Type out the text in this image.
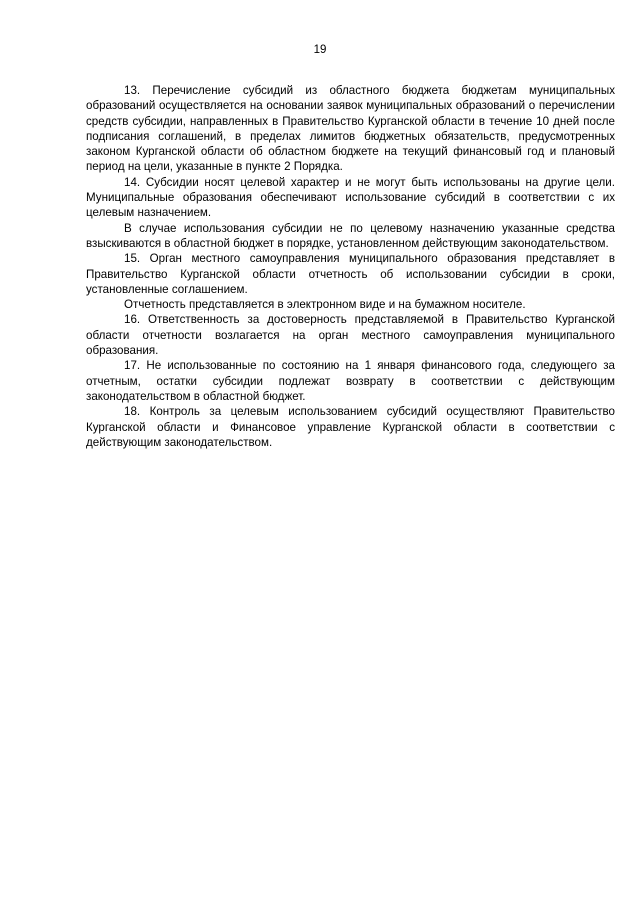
19

13. Перечисление субсидий из областного бюджета бюджетам муниципальных образований осуществляется на основании заявок муниципальных образований о перечислении средств субсидии, направленных в Правительство Курганской области в течение 10 дней после подписания соглашений, в пределах лимитов бюджетных обязательств, предусмотренных законом Курганской области об областном бюджете на текущий финансовый год и плановый период на цели, указанные в пункте 2 Порядка.

14. Субсидии носят целевой характер и не могут быть использованы на другие цели. Муниципальные образования обеспечивают использование субсидий в соответствии с их целевым назначением.

В случае использования субсидии не по целевому назначению указанные средства взыскиваются в областной бюджет в порядке, установленном действующим законодательством.

15. Орган местного самоуправления муниципального образования представляет в Правительство Курганской области отчетность об использовании субсидии в сроки, установленные соглашением.

Отчетность представляется в электронном виде и на бумажном носителе.

16. Ответственность за достоверность представляемой в Правительство Курганской области отчетности возлагается на орган местного самоуправления муниципального образования.

17. Не использованные по состоянию на 1 января финансового года, следующего за отчетным, остатки субсидии подлежат возврату в соответствии с действующим законодательством в областной бюджет.

18. Контроль за целевым использованием субсидий осуществляют Правительство Курганской области и Финансовое управление Курганской области в соответствии с действующим законодательством.
